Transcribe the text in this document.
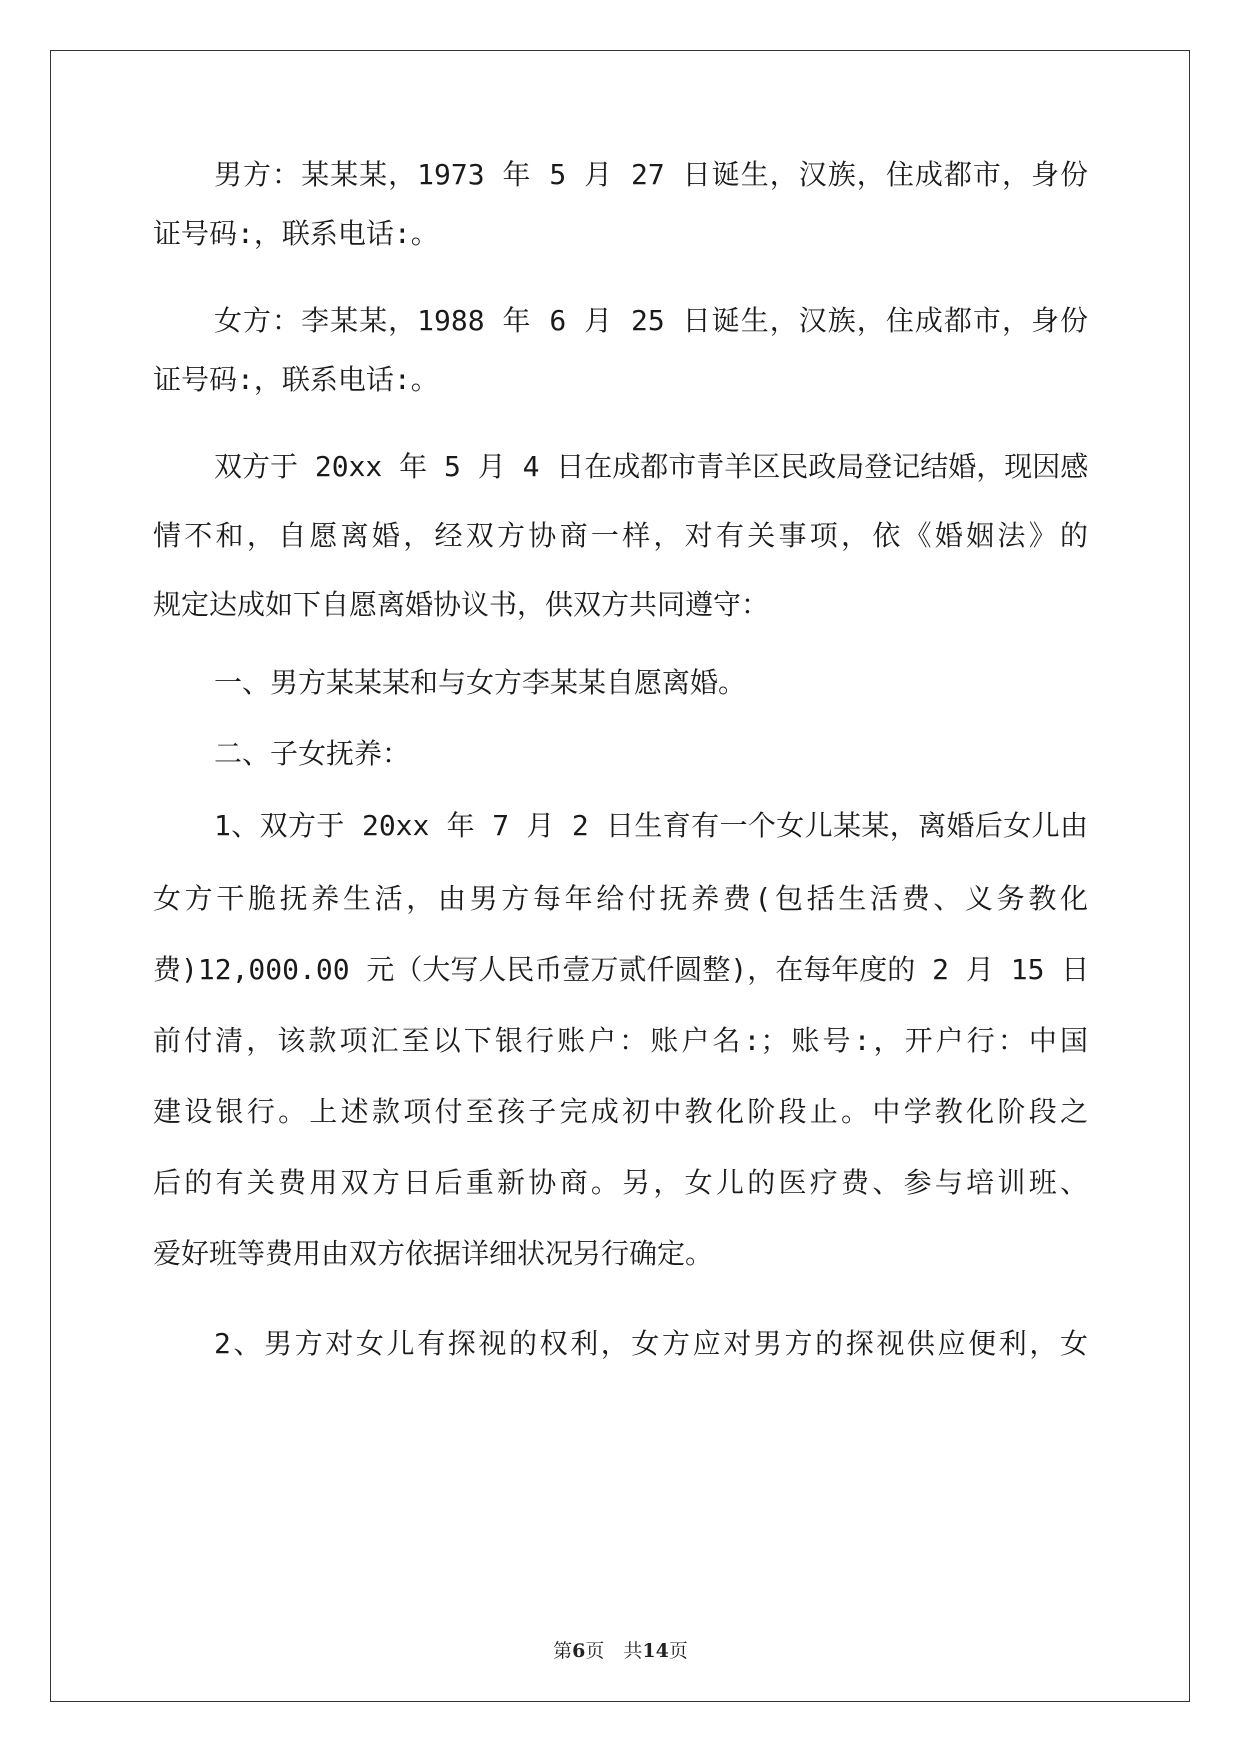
男方：某某某，1973 年 5 月 27 日诞生，汉族，住成都市，身份
证号码:，联系电话:。
女方：李某某，1988 年 6 月 25 日诞生，汉族，住成都市，身份
证号码:，联系电话:。
双方于 20xx 年 5 月 4 日在成都市青羊区民政局登记结婚，现因感
情不和，自愿离婚，经双方协商一样，对有关事项，依《婚姻法》的
规定达成如下自愿离婚协议书，供双方共同遵守：
一、男方某某某和与女方李某某自愿离婚。
二、子女抚养：
1、双方于 20xx 年 7 月 2 日生育有一个女儿某某，离婚后女儿由
女方干脆抚养生活，由男方每年给付抚养费(包括生活费、义务教化
费)12,000.00 元（大写人民币壹万贰仟圆整)，在每年度的 2 月 15 日
前付清，该款项汇至以下银行账户：账户名:；账号:，开户行：中国
建设银行。上述款项付至孩子完成初中教化阶段止。中学教化阶段之
后的有关费用双方日后重新协商。另，女儿的医疗费、参与培训班、
爱好班等费用由双方依据详细状况另行确定。
2、男方对女儿有探视的权利，女方应对男方的探视供应便利，女
第6页　共14页
